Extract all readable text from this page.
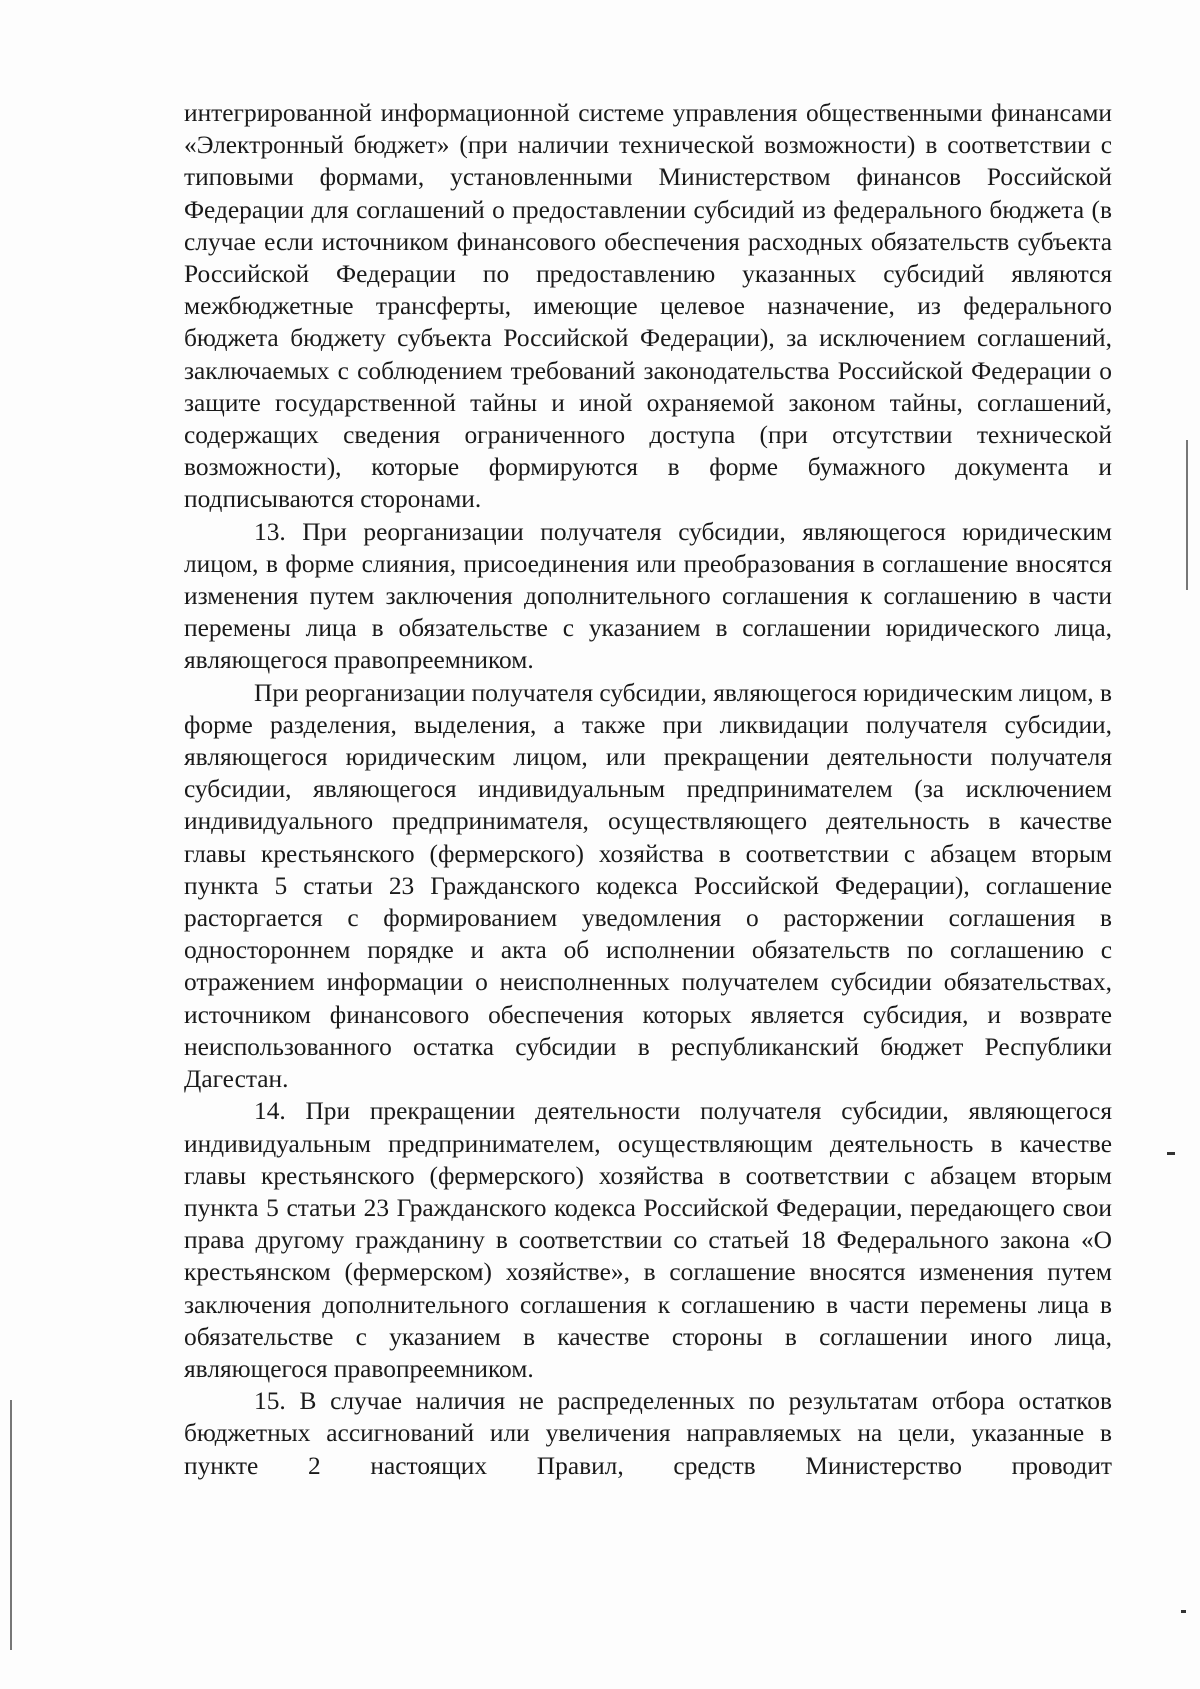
интегрированной информационной системе управления общественными финансами «Электронный бюджет» (при наличии технической возможности) в соответствии с типовыми формами, установленными Министерством финансов Российской Федерации для соглашений о предоставлении субсидий из федерального бюджета (в случае если источником финансового обеспечения расходных обязательств субъекта Российской Федерации по предоставлению указанных субсидий являются межбюджетные трансферты, имеющие целевое назначение, из федерального бюджета бюджету субъекта Российской Федерации), за исключением соглашений, заключаемых с соблюдением требований законодательства Российской Федерации о защите государственной тайны и иной охраняемой законом тайны, соглашений, содержащих сведения ограниченного доступа (при отсутствии технической возможности), которые формируются в форме бумажного документа и подписываются сторонами.

13. При реорганизации получателя субсидии, являющегося юридическим лицом, в форме слияния, присоединения или преобразования в соглашение вносятся изменения путем заключения дополнительного соглашения к соглашению в части перемены лица в обязательстве с указанием в соглашении юридического лица, являющегося правопреемником.

При реорганизации получателя субсидии, являющегося юридическим лицом, в форме разделения, выделения, а также при ликвидации получателя субсидии, являющегося юридическим лицом, или прекращении деятельности получателя субсидии, являющегося индивидуальным предпринимателем (за исключением индивидуального предпринимателя, осуществляющего деятельность в качестве главы крестьянского (фермерского) хозяйства в соответствии с абзацем вторым пункта 5 статьи 23 Гражданского кодекса Российской Федерации), соглашение расторгается с формированием уведомления о расторжении соглашения в одностороннем порядке и акта об исполнении обязательств по соглашению с отражением информации о неисполненных получателем субсидии обязательствах, источником финансового обеспечения которых является субсидия, и возврате неиспользованного остатка субсидии в республиканский бюджет Республики Дагестан.

14. При прекращении деятельности получателя субсидии, являющегося индивидуальным предпринимателем, осуществляющим деятельность в качестве главы крестьянского (фермерского) хозяйства в соответствии с абзацем вторым пункта 5 статьи 23 Гражданского кодекса Российской Федерации, передающего свои права другому гражданину в соответствии со статьей 18 Федерального закона «О крестьянском (фермерском) хозяйстве», в соглашение вносятся изменения путем заключения дополнительного соглашения к соглашению в части перемены лица в обязательстве с указанием в качестве стороны в соглашении иного лица, являющегося правопреемником.

15. В случае наличия не распределенных по результатам отбора остатков бюджетных ассигнований или увеличения направляемых на цели, указанные в пункте 2 настоящих Правил, средств Министерство проводит
